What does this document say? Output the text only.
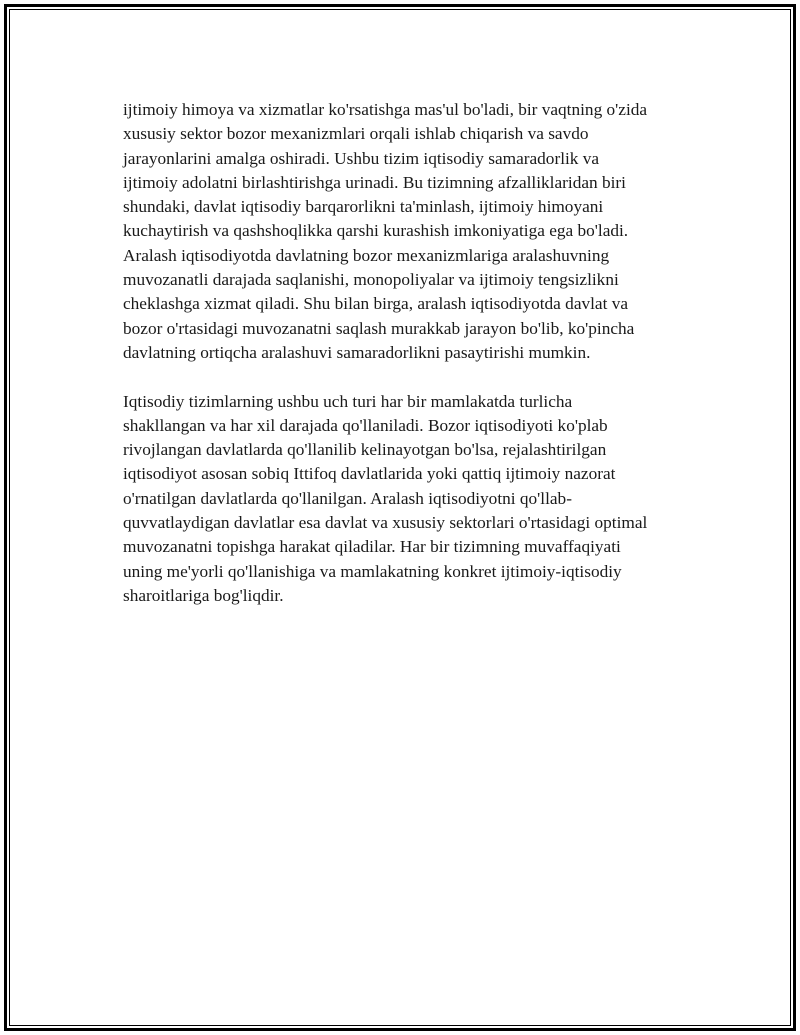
ijtimoiy himoya va xizmatlar ko'rsatishga mas'ul bo'ladi, bir vaqtning o'zida
xususiy sektor bozor mexanizmlari orqali ishlab chiqarish va savdo
jarayonlarini amalga oshiradi. Ushbu tizim iqtisodiy samaradorlik va
ijtimoiy adolatni birlashtirishga urinadi. Bu tizimning afzalliklaridan biri
shundaki, davlat iqtisodiy barqarorlikni ta'minlash, ijtimoiy himoyani
kuchaytirish va qashshoqlikka qarshi kurashish imkoniyatiga ega bo'ladi.
Aralash iqtisodiyotda davlatning bozor mexanizmlariga aralashuvning
muvozanatli darajada saqlanishi, monopoliyalar va ijtimoiy tengsizlikni
cheklashga xizmat qiladi. Shu bilan birga, aralash iqtisodiyotda davlat va
bozor o'rtasidagi muvozanatni saqlash murakkab jarayon bo'lib, ko'pincha
davlatning ortiqcha aralashuvi samaradorlikni pasaytirishi mumkin.

Iqtisodiy tizimlarning ushbu uch turi har bir mamlakatda turlicha
shakllangan va har xil darajada qo'llaniladi. Bozor iqtisodiyoti ko'plab
rivojlangan davlatlarda qo'llanilib kelinayotgan bo'lsa, rejalashtirilgan
iqtisodiyot asosan sobiq Ittifoq davlatlarida yoki qattiq ijtimoiy nazorat
o'rnatilgan davlatlarda qo'llanilgan. Aralash iqtisodiyotni qo'llab-
quvvatlaydigan davlatlar esa davlat va xususiy sektorlari o'rtasidagi optimal
muvozanatni topishga harakat qiladilar. Har bir tizimning muvaffaqiyati
uning me'yorli qo'llanishiga va mamlakatning konkret ijtimoiy-iqtisodiy
sharoitlariga bog'liqdir.
